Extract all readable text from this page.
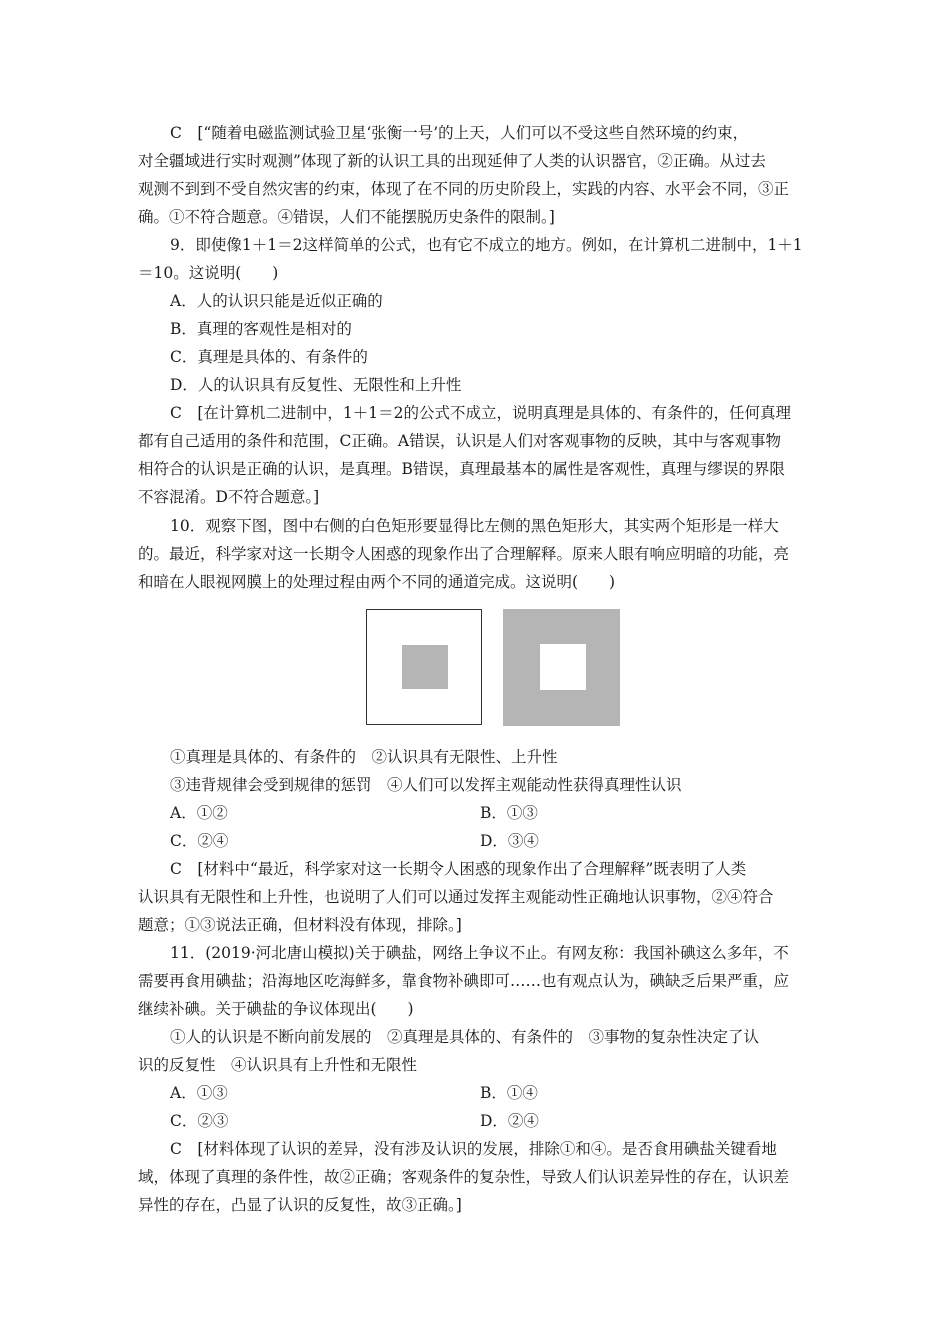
C　[“随着电磁监测试验卫星‘张衡一号’的上天，人们可以不受这些自然环境的约束，
对全疆域进行实时观测”体现了新的认识工具的出现延伸了人类的认识器官，②正确。从过去
观测不到到不受自然灾害的约束，体现了在不同的历史阶段上，实践的内容、水平会不同，③正
确。①不符合题意。④错误，人们不能摆脱历史条件的限制。]
9．即使像1＋1＝2这样简单的公式，也有它不成立的地方。例如，在计算机二进制中，1＋1
＝10。这说明(　　)
A．人的认识只能是近似正确的
B．真理的客观性是相对的
C．真理是具体的、有条件的
D．人的认识具有反复性、无限性和上升性
C　[在计算机二进制中，1＋1＝2的公式不成立，说明真理是具体的、有条件的，任何真理
都有自己适用的条件和范围，C正确。A错误，认识是人们对客观事物的反映，其中与客观事物
相符合的认识是正确的认识，是真理。B错误，真理最基本的属性是客观性，真理与缪误的界限
不容混淆。D不符合题意。]
10．观察下图，图中右侧的白色矩形要显得比左侧的黑色矩形大，其实两个矩形是一样大
的。最近，科学家对这一长期令人困惑的现象作出了合理解释。原来人眼有响应明暗的功能，亮
和暗在人眼视网膜上的处理过程由两个不同的通道完成。这说明(　　)
①真理是具体的、有条件的　②认识具有无限性、上升性
③违背规律会受到规律的惩罚　④人们可以发挥主观能动性获得真理性认识
A．①②	B．①③
C．②④	D．③④
C　[材料中“最近，科学家对这一长期令人困惑的现象作出了合理解释”既表明了人类
认识具有无限性和上升性，也说明了人们可以通过发挥主观能动性正确地认识事物，②④符合
题意；①③说法正确，但材料没有体现，排除。]
11．(2019·河北唐山模拟)关于碘盐，网络上争议不止。有网友称：我国补碘这么多年，不
需要再食用碘盐；沿海地区吃海鲜多，靠食物补碘即可……也有观点认为，碘缺乏后果严重，应
继续补碘。关于碘盐的争议体现出(　　)
①人的认识是不断向前发展的　②真理是具体的、有条件的　③事物的复杂性决定了认
识的反复性　④认识具有上升性和无限性
A．①③	B．①④
C．②③	D．②④
C　[材料体现了认识的差异，没有涉及认识的发展，排除①和④。是否食用碘盐关键看地
域，体现了真理的条件性，故②正确；客观条件的复杂性，导致人们认识差异性的存在，认识差
异性的存在，凸显了认识的反复性，故③正确。]
